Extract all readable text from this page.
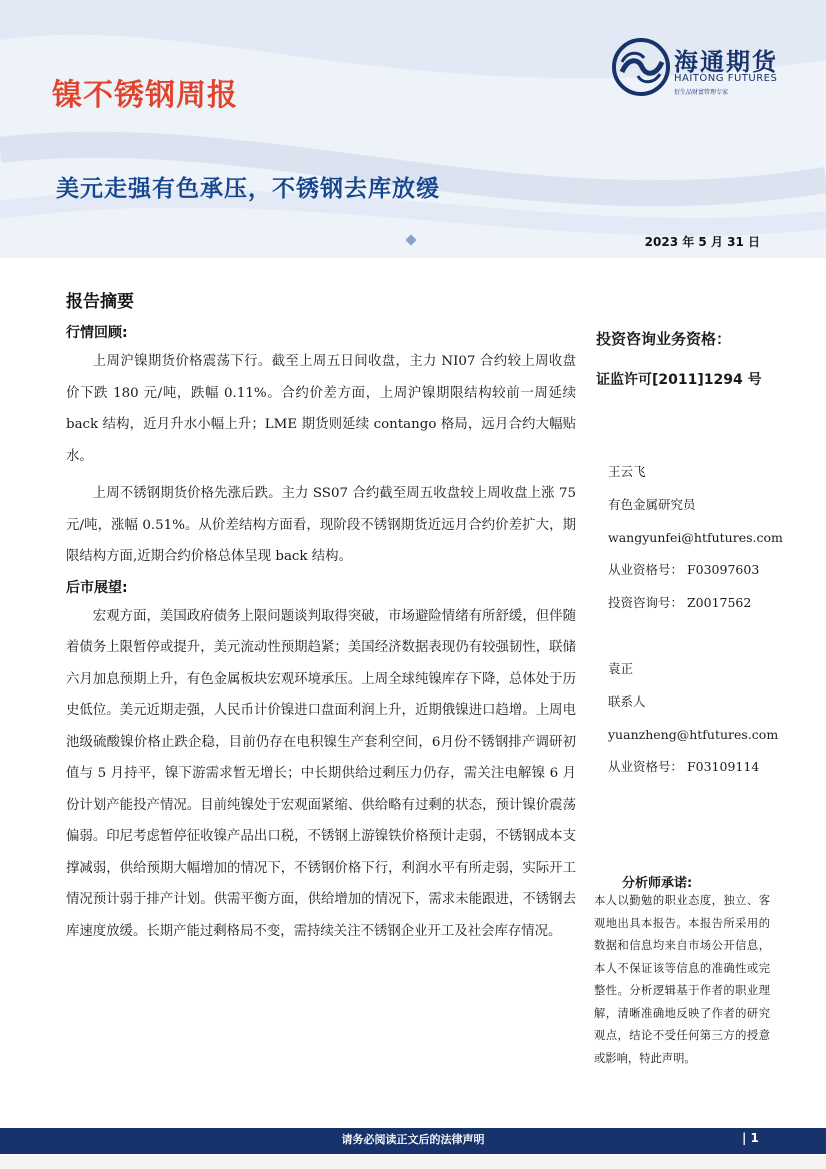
镍不锈钢周报
海通期货
HAITONG FUTURES
衍生品财富管理专家
美元走强有色承压，不锈钢去库放缓
2023 年 5 月 31 日
报告摘要
行情回顾:

上周沪镍期货价格震荡下行。截至上周五日间收盘，主力 NI07 合约较上周收盘价下跌 180 元/吨，跌幅 0.11%。合约价差方面，上周沪镍期限结构较前一周延续 back 结构，近月升水小幅上升；LME 期货则延续 contango 格局，远月合约大幅贴水。

上周不锈钢期货价格先涨后跌。主力 SS07 合约截至周五收盘较上周收盘上涨 75 元/吨，涨幅 0.51%。从价差结构方面看，现阶段不锈钢期货近远月合约价差扩大，期限结构方面,近期合约价格总体呈现 back 结构。

后市展望:

宏观方面，美国政府债务上限问题谈判取得突破，市场避险情绪有所舒缓，但伴随着债务上限暂停或提升，美元流动性预期趋紧；美国经济数据表现仍有较强韧性，联储六月加息预期上升，有色金属板块宏观环境承压。上周全球纯镍库存下降，总体处于历史低位。美元近期走强，人民币计价镍进口盘面利润上升，近期俄镍进口趋增。上周电池级硫酸镍价格止跌企稳，目前仍存在电积镍生产套利空间，6月份不锈钢排产调研初值与 5 月持平，镍下游需求暂无增长；中长期供给过剩压力仍存，需关注电解镍 6 月份计划产能投产情况。目前纯镍处于宏观面紧缩、供给略有过剩的状态，预计镍价震荡偏弱。印尼考虑暂停征收镍产品出口税，不锈钢上游镍铁价格预计走弱，不锈钢成本支撑减弱，供给预期大幅增加的情况下，不锈钢价格下行，利润水平有所走弱，实际开工情况预计弱于排产计划。供需平衡方面，供给增加的情况下，需求未能跟进，不锈钢去库速度放缓。长期产能过剩格局不变，需持续关注不锈钢企业开工及社会库存情况。

投资咨询业务资格：
证监许可[2011]1294 号
王云飞
有色金属研究员
wangyunfei@htfutures.com
从业资格号： F03097603
投资咨询号： Z0017562
袁正
联系人
yuanzheng@htfutures.com
从业资格号： F03109114
分析师承诺:
本人以勤勉的职业态度，独立、客观地出具本报告。本报告所采用的数据和信息均来自市场公开信息，本人不保证该等信息的准确性或完整性。分析逻辑基于作者的职业理解，清晰准确地反映了作者的研究观点，结论不受任何第三方的授意或影响，特此声明。
请务必阅读正文后的法律声明	| 1
